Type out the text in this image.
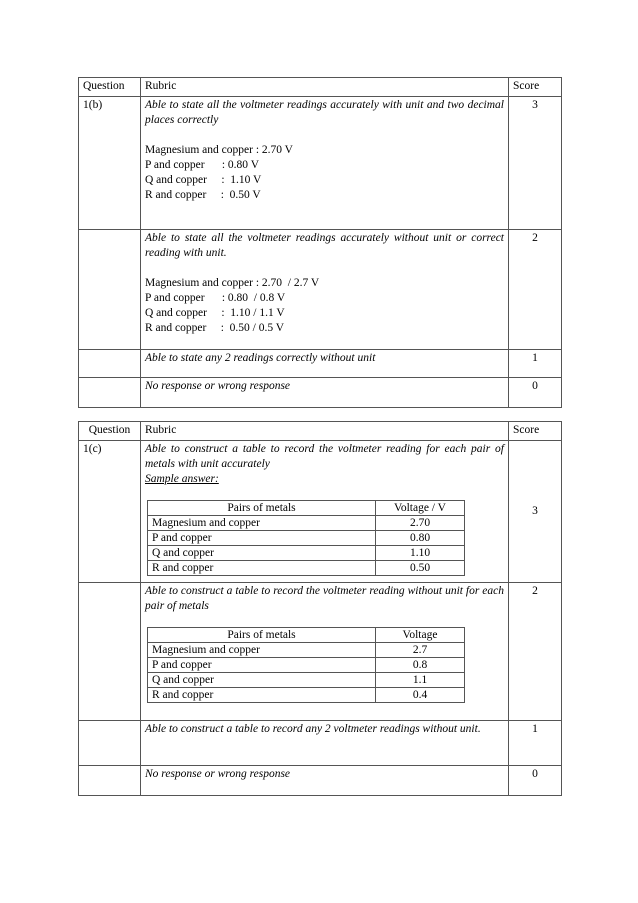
Question	Rubric	Score
1(b)	Able to state all the voltmeter readings accurately with unit and two decimal places correctly
Magnesium and copper : 2.70 V
P and copper      : 0.80 V
Q and copper     :  1.10 V
R and copper     :  0.50 V	3

	Able to state all the voltmeter readings accurately without unit or correct reading with unit.
Magnesium and copper : 2.70  / 2.7 V
P and copper      : 0.80  / 0.8 V
Q and copper     :  1.10 / 1.1 V
R and copper     :  0.50 / 0.5 V	2

	Able to state any 2 readings correctly without unit	1

	No response or wrong response	0
Question	Rubric	Score
1(c)	Able to construct a table to record the voltmeter reading for each pair of metals with unit accurately
Sample answer:
Pairs of metals	Voltage / V
Magnesium and copper	2.70
P and copper	0.80
Q and copper	1.10
R and copper	0.50
	3

Able to construct a table to record the voltmeter reading without unit for each pair of metals
Pairs of metals	Voltage
Magnesium and copper	2.7
P and copper	0.8
Q and copper	1.1
R and copper	0.4
	2

Able to construct a table to record any 2 voltmeter readings without unit.	1

No response or wrong response	0
